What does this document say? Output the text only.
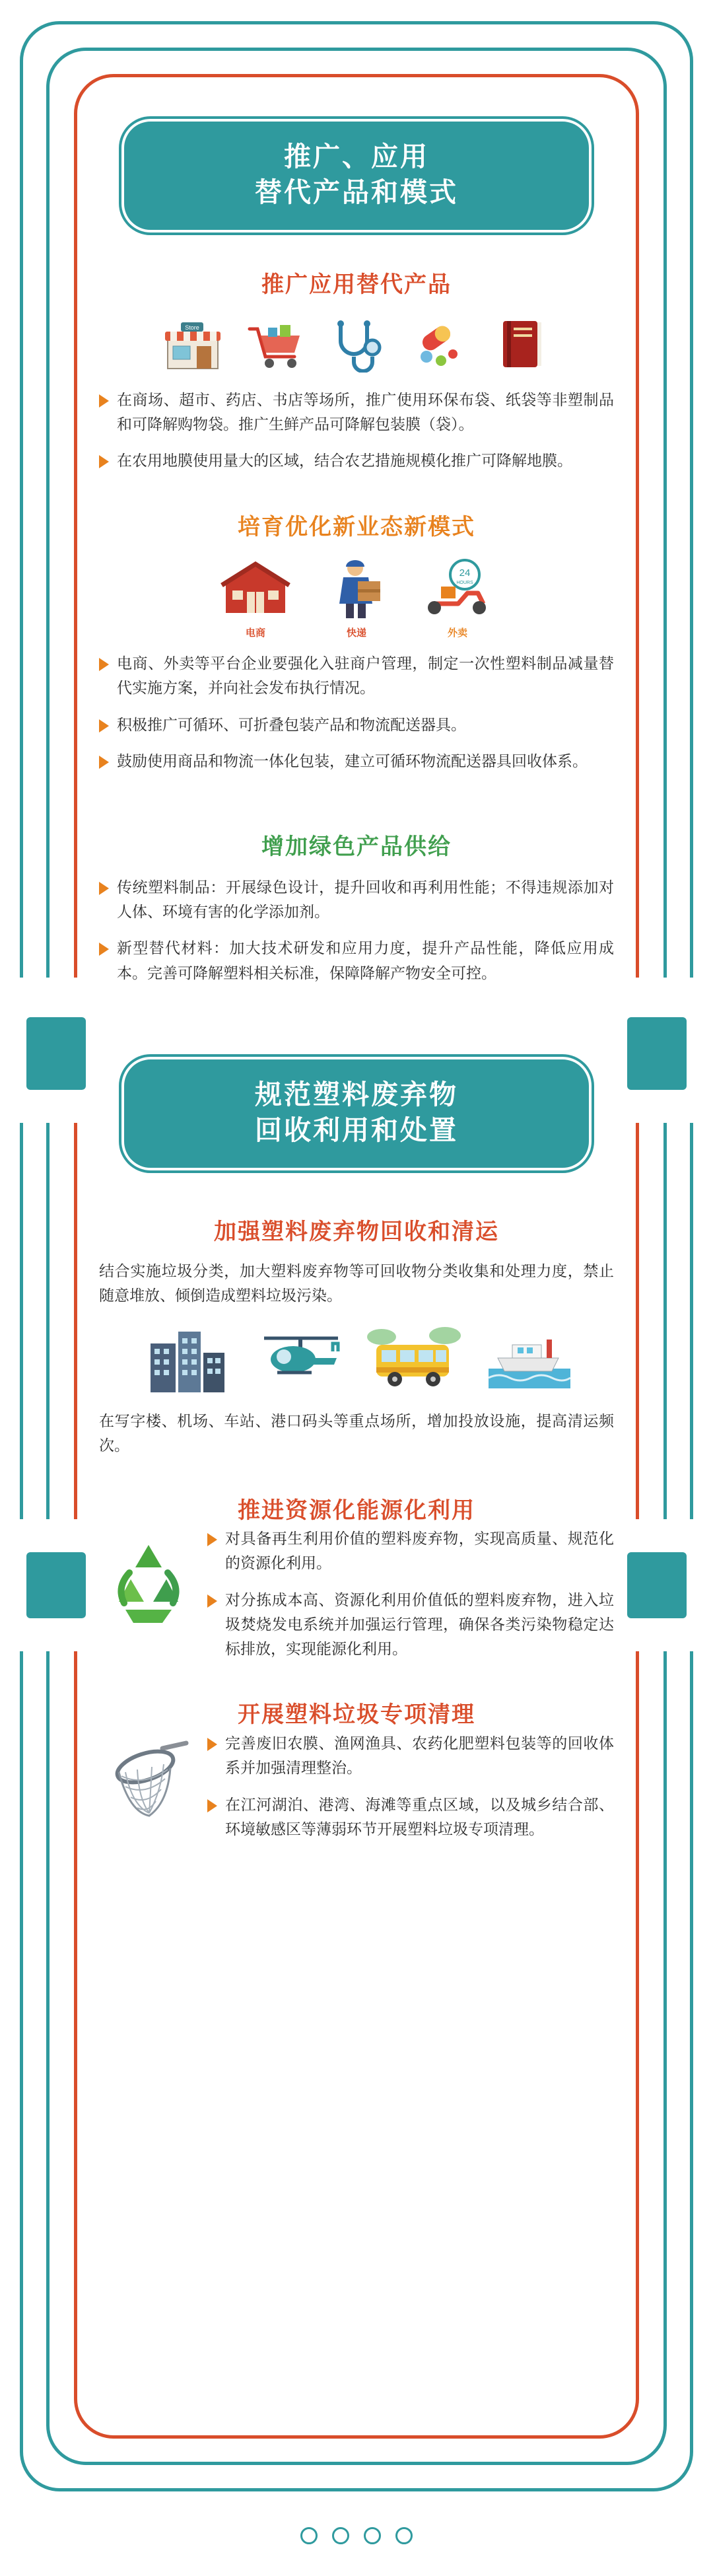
推广、应用
替代产品和模式
推广应用替代产品
Store
在商场、超市、药店、书店等场所，推广使用环保布袋、纸袋等非塑制品和可降解购物袋。推广生鲜产品可降解包装膜（袋）。
在农用地膜使用量大的区域，结合农艺措施规模化推广可降解地膜。
培育优化新业态新模式
电商	快递
24
HOURS
外卖
电商、外卖等平台企业要强化入驻商户管理，制定一次性塑料制品减量替代实施方案，并向社会发布执行情况。
积极推广可循环、可折叠包装产品和物流配送器具。
鼓励使用商品和物流一体化包装，建立可循环物流配送器具回收体系。
增加绿色产品供给
传统塑料制品：开展绿色设计，提升回收和再利用性能；不得违规添加对人体、环境有害的化学添加剂。
新型替代材料：加大技术研发和应用力度，提升产品性能，降低应用成本。完善可降解塑料相关标准，保障降解产物安全可控。
规范塑料废弃物
回收利用和处置
加强塑料废弃物回收和清运
结合实施垃圾分类，加大塑料废弃物等可回收物分类收集和处理力度，禁止随意堆放、倾倒造成塑料垃圾污染。
在写字楼、机场、车站、港口码头等重点场所，增加投放设施，提高清运频次。
推进资源化能源化利用
对具备再生利用价值的塑料废弃物，实现高质量、规范化的资源化利用。
对分拣成本高、资源化利用价值低的塑料废弃物，进入垃圾焚烧发电系统并加强运行管理，确保各类污染物稳定达标排放，实现能源化利用。
开展塑料垃圾专项清理
完善废旧农膜、渔网渔具、农药化肥塑料包装等的回收体系并加强清理整治。
在江河湖泊、港湾、海滩等重点区域，以及城乡结合部、环境敏感区等薄弱环节开展塑料垃圾专项清理。
